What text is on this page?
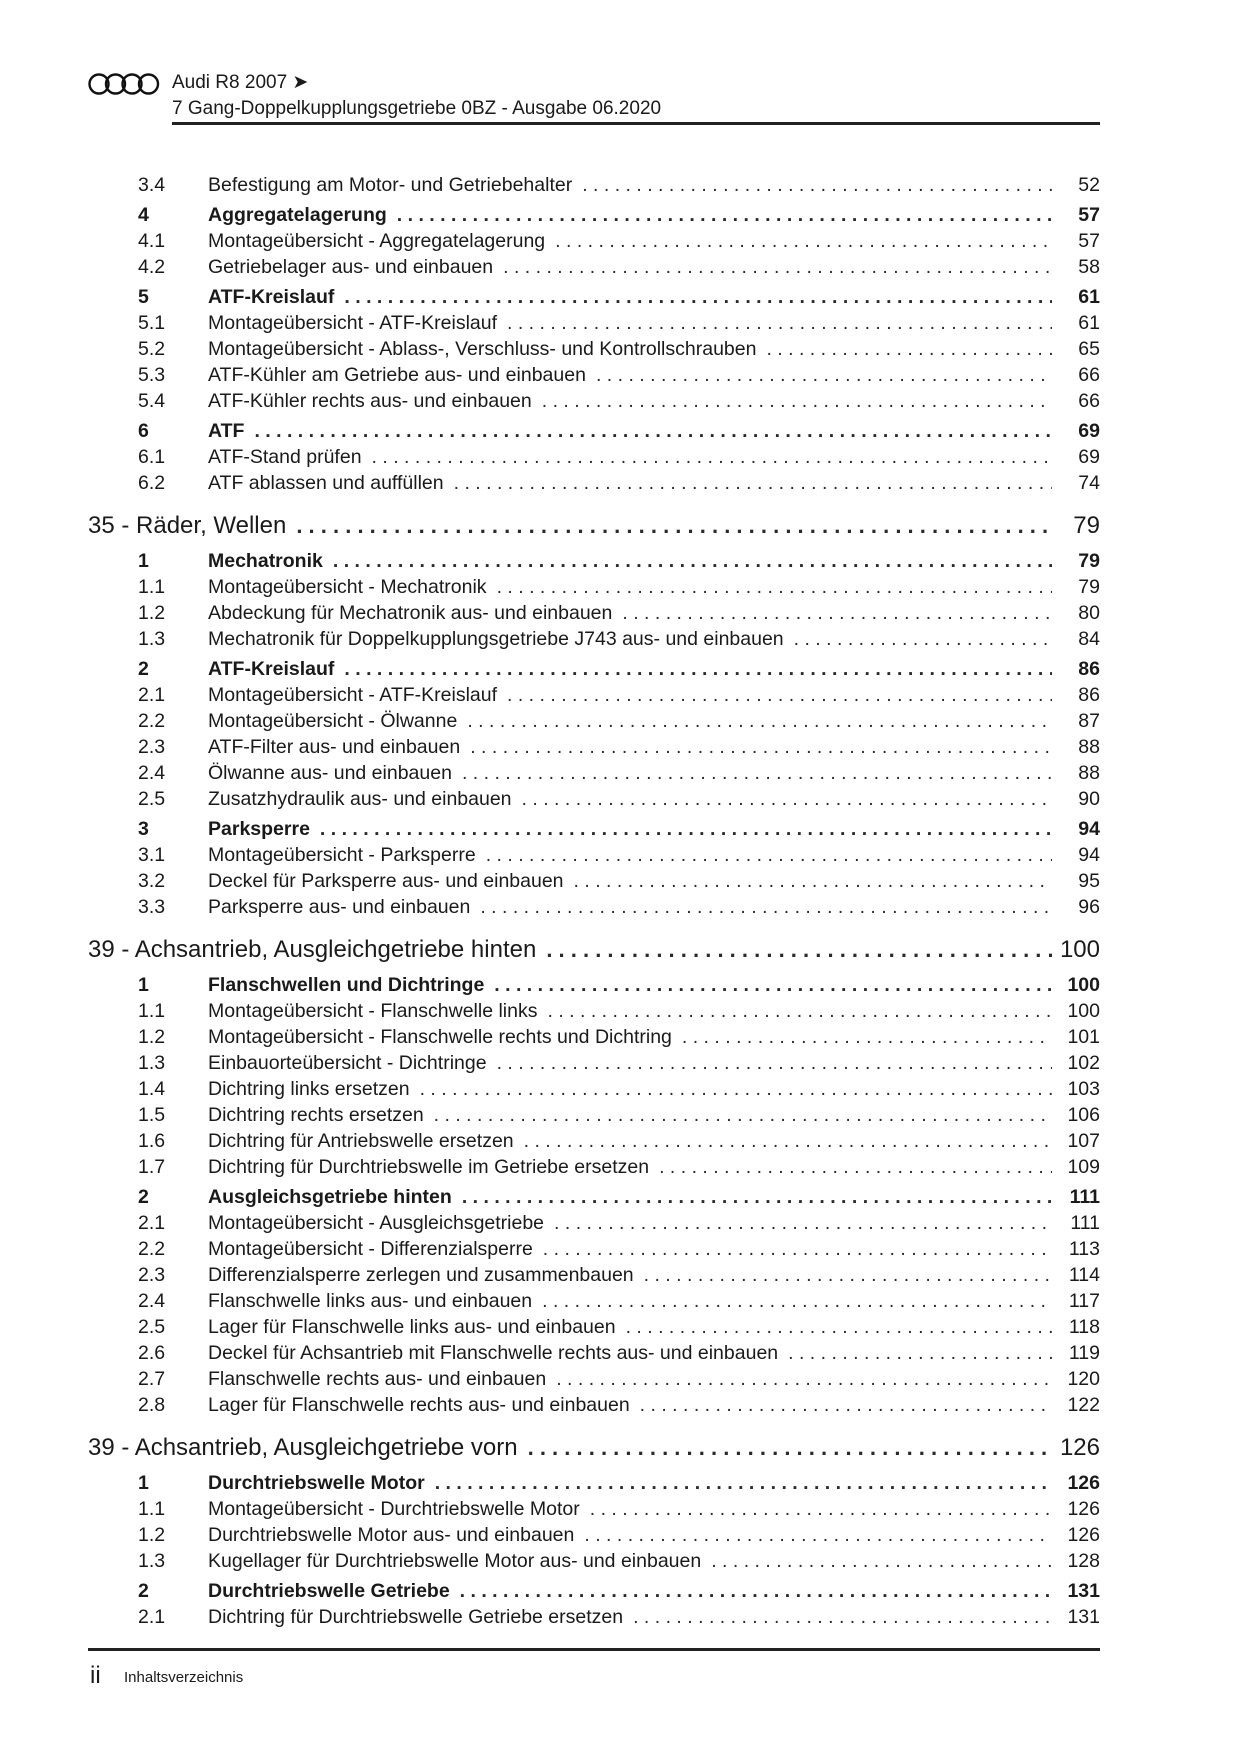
Audi R8 2007 ➤
7 Gang-Doppelkupplungsgetriebe 0BZ - Ausgabe 06.2020
3.4	Befestigung am Motor- und Getriebehalter . . .	52
4	Aggregatelagerung . . .	57
4.1	Montageübersicht - Aggregatelagerung . . .	57
4.2	Getriebelager aus- und einbauen . . .	58
5	ATF-Kreislauf . . .	61
5.1	Montageübersicht - ATF-Kreislauf . . .	61
5.2	Montageübersicht - Ablass-, Verschluss- und Kontrollschrauben . . .	65
5.3	ATF-Kühler am Getriebe aus- und einbauen . . .	66
5.4	ATF-Kühler rechts aus- und einbauen . . .	66
6	ATF . . .	69
6.1	ATF-Stand prüfen . . .	69
6.2	ATF ablassen und auffüllen . . .	74
35 - Räder, Wellen . . .	79
1	Mechatronik . . .	79
1.1	Montageübersicht - Mechatronik . . .	79
1.2	Abdeckung für Mechatronik aus- und einbauen . . .	80
1.3	Mechatronik für Doppelkupplungsgetriebe J743 aus- und einbauen . . .	84
2	ATF-Kreislauf . . .	86
2.1	Montageübersicht - ATF-Kreislauf . . .	86
2.2	Montageübersicht - Ölwanne . . .	87
2.3	ATF-Filter aus- und einbauen . . .	88
2.4	Ölwanne aus- und einbauen . . .	88
2.5	Zusatzhydraulik aus- und einbauen . . .	90
3	Parksperre . . .	94
3.1	Montageübersicht - Parksperre . . .	94
3.2	Deckel für Parksperre aus- und einbauen . . .	95
3.3	Parksperre aus- und einbauen . . .	96
39 - Achsantrieb, Ausgleichgetriebe hinten . . .	100
1	Flanschwellen und Dichtringe . . .	100
1.1	Montageübersicht - Flanschwelle links . . .	100
1.2	Montageübersicht - Flanschwelle rechts und Dichtring . . .	101
1.3	Einbauorteübersicht - Dichtringe . . .	102
1.4	Dichtring links ersetzen . . .	103
1.5	Dichtring rechts ersetzen . . .	106
1.6	Dichtring für Antriebswelle ersetzen . . .	107
1.7	Dichtring für Durchtriebswelle im Getriebe ersetzen . . .	109
2	Ausgleichsgetriebe hinten . . .	111
2.1	Montageübersicht - Ausgleichsgetriebe . . .	111
2.2	Montageübersicht - Differenzialsperre . . .	113
2.3	Differenzialsperre zerlegen und zusammenbauen . . .	114
2.4	Flanschwelle links aus- und einbauen . . .	117
2.5	Lager für Flanschwelle links aus- und einbauen . . .	118
2.6	Deckel für Achsantrieb mit Flanschwelle rechts aus- und einbauen . . .	119
2.7	Flanschwelle rechts aus- und einbauen . . .	120
2.8	Lager für Flanschwelle rechts aus- und einbauen . . .	122
39 - Achsantrieb, Ausgleichgetriebe vorn . . .	126
1	Durchtriebswelle Motor . . .	126
1.1	Montageübersicht - Durchtriebswelle Motor . . .	126
1.2	Durchtriebswelle Motor aus- und einbauen . . .	126
1.3	Kugellager für Durchtriebswelle Motor aus- und einbauen . . .	128
2	Durchtriebswelle Getriebe . . .	131
2.1	Dichtring für Durchtriebswelle Getriebe ersetzen . . .	131
ii Inhaltsverzeichnis
